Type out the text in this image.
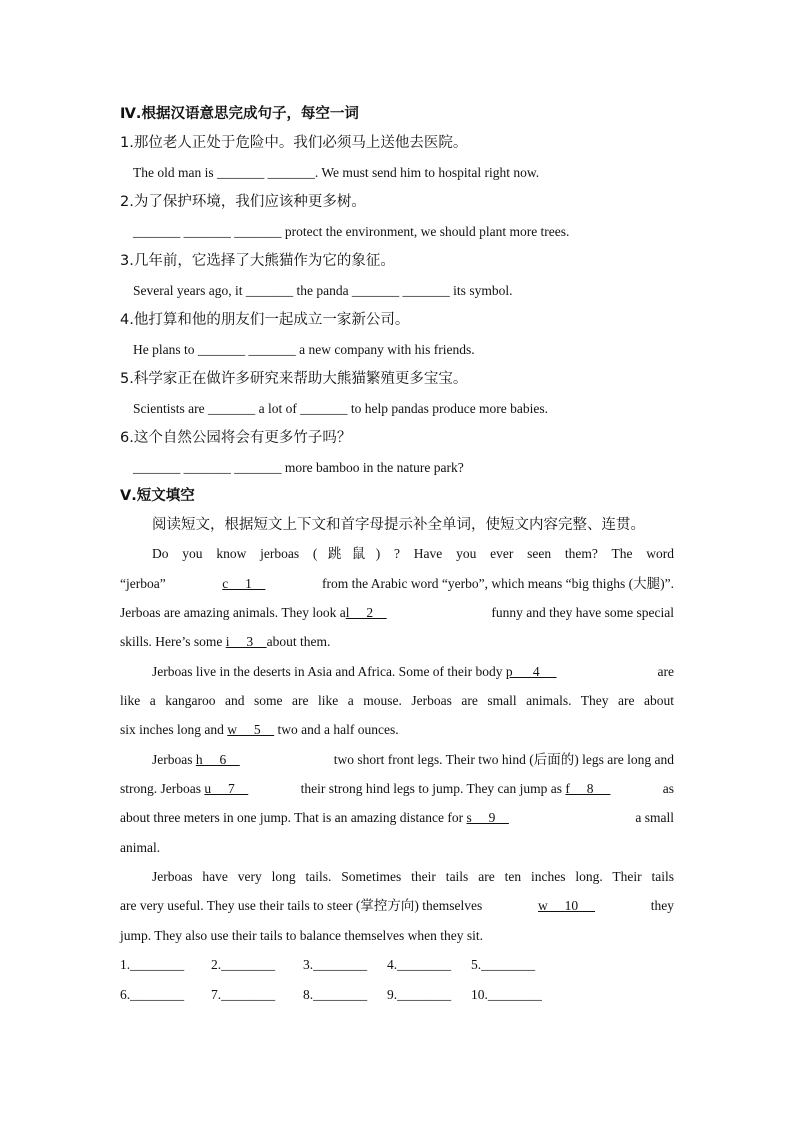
Ⅳ.根据汉语意思完成句子，每空一词
1.那位老人正处于危险中。我们必须马上送他去医院。
The old man is _______ _______. We must send him to hospital right now.
2.为了保护环境，我们应该种更多树。
_______ _______ _______ protect the environment, we should plant more trees.
3.几年前，它选择了大熊猫作为它的象征。
Several years ago, it _______ the panda _______ _______ its symbol.
4.他打算和他的朋友们一起成立一家新公司。
He plans to _______ _______ a new company with his friends.
5.科学家正在做许多研究来帮助大熊猫繁殖更多宝宝。
Scientists are _______ a lot of _______ to help pandas produce more babies.
6.这个自然公园将会有更多竹子吗？
_______ _______ _______ more bamboo in the nature park?
Ⅴ.短文填空
阅读短文，根据短文上下文和首字母提示补全单词，使短文内容完整、连贯。
Do you know jerboas (跳鼠) ? Have you ever seen them? The word
“jerboa”	c     1	from the Arabic word “yerbo”, which means “big thighs (大腿)”.
Jerboas are amazing animals. They look al     2	funny and they have some special
skills. Here’s some i     3    about them.
Jerboas live in the deserts in Asia and Africa. Some of their body p      4	are
like a kangaroo and some are like a mouse. Jerboas are small animals. They are about
six inches long and w     5     two and a half ounces.
Jerboas h     6	two short front legs. Their two hind (后面的) legs are long and
strong. Jerboas u     7	their strong hind legs to jump. They can jump as f     8	as
about three meters in one jump. That is an amazing distance for s     9	a small
animal.
Jerboas have very long tails. Sometimes their tails are ten inches long. Their tails
are very useful. They use their tails to steer (掌控方向) themselves	w     10	they
jump. They also use their tails to balance themselves when they sit.
1.________ 2.________ 3.________ 4.________ 5.________
6.________ 7.________ 8.________ 9.________ 10.________
